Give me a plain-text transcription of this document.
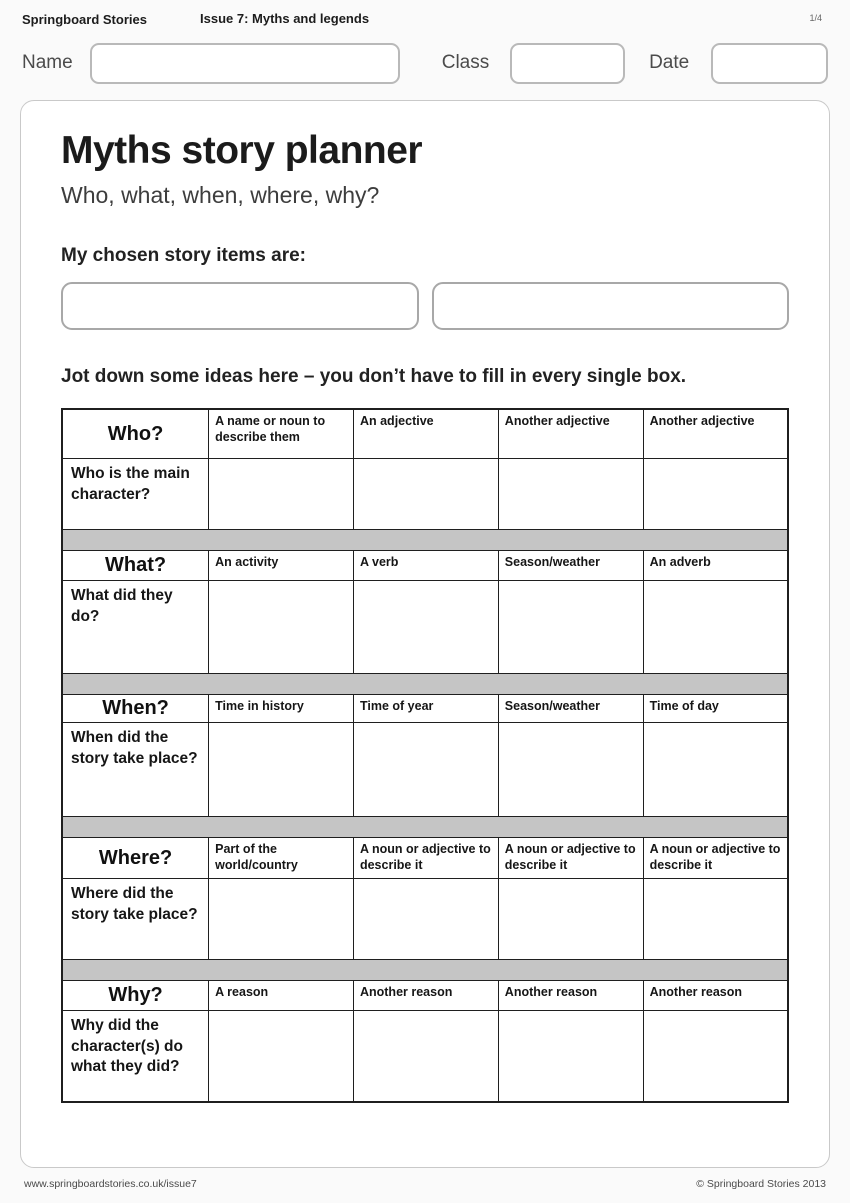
Springboard Stories	Issue 7: Myths and legends	1/4
Name	Class	Date
Myths story planner
Who, what, when, where, why?
My chosen story items are:
Jot down some ideas here – you don’t have to fill in every single box.
Who?	A name or noun to describe them	An adjective	Another adjective	Another adjective
Who is the main character?				

What?	An activity	A verb	Season/weather	An adverb
What did they do?				

When?	Time in history	Time of year	Season/weather	Time of day
When did the story take place?				

Where?	Part of the world/country	A noun or adjective to describe it	A noun or adjective to describe it	A noun or adjective to describe it
Where did the story take place?				

Why?	A reason	Another reason	Another reason	Another reason
Why did the character(s) do what they did?				
www.springboardstories.co.uk/issue7	© Springboard Stories 2013
